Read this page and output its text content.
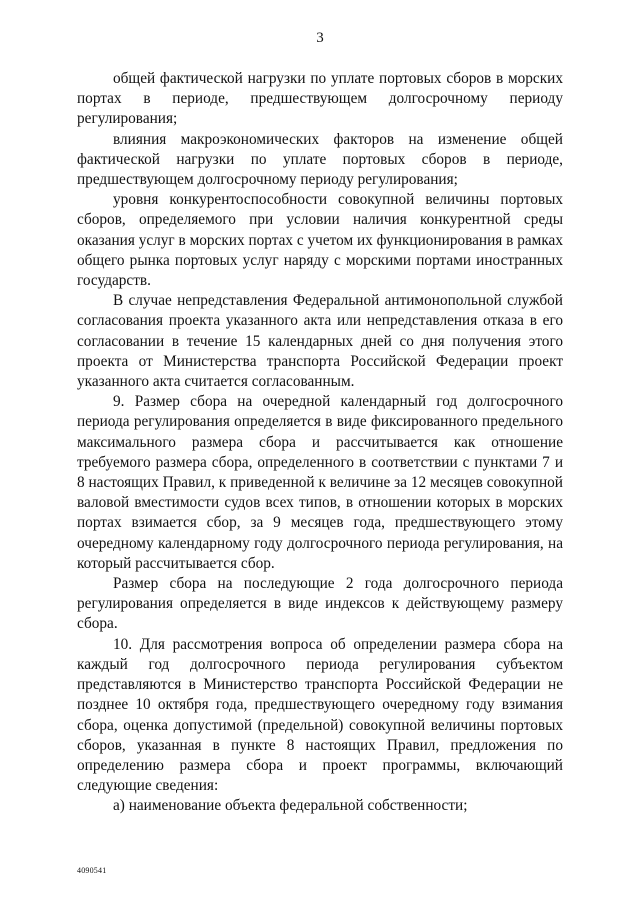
3

общей фактической нагрузки по уплате портовых сборов в морских портах в периоде, предшествующем долгосрочному периоду регулирования;

влияния макроэкономических факторов на изменение общей фактической нагрузки по уплате портовых сборов в периоде, предшествующем долгосрочному периоду регулирования;

уровня конкурентоспособности совокупной величины портовых сборов, определяемого при условии наличия конкурентной среды оказания услуг в морских портах с учетом их функционирования в рамках общего рынка портовых услуг наряду с морскими портами иностранных государств.

В случае непредставления Федеральной антимонопольной службой согласования проекта указанного акта или непредставления отказа в его согласовании в течение 15 календарных дней со дня получения этого проекта от Министерства транспорта Российской Федерации проект указанного акта считается согласованным.

9. Размер сбора на очередной календарный год долгосрочного периода регулирования определяется в виде фиксированного предельного максимального размера сбора и рассчитывается как отношение требуемого размера сбора, определенного в соответствии с пунктами 7 и 8 настоящих Правил, к приведенной к величине за 12 месяцев совокупной валовой вместимости судов всех типов, в отношении которых в морских портах взимается сбор, за 9 месяцев года, предшествующего этому очередному календарному году долгосрочного периода регулирования, на который рассчитывается сбор.

Размер сбора на последующие 2 года долгосрочного периода регулирования определяется в виде индексов к действующему размеру сбора.

10. Для рассмотрения вопроса об определении размера сбора на каждый год долгосрочного периода регулирования субъектом представляются в Министерство транспорта Российской Федерации не позднее 10 октября года, предшествующего очередному году взимания сбора, оценка допустимой (предельной) совокупной величины портовых сборов, указанная в пункте 8 настоящих Правил, предложения по определению размера сбора и проект программы, включающий следующие сведения:

а) наименование объекта федеральной собственности;

4090541
